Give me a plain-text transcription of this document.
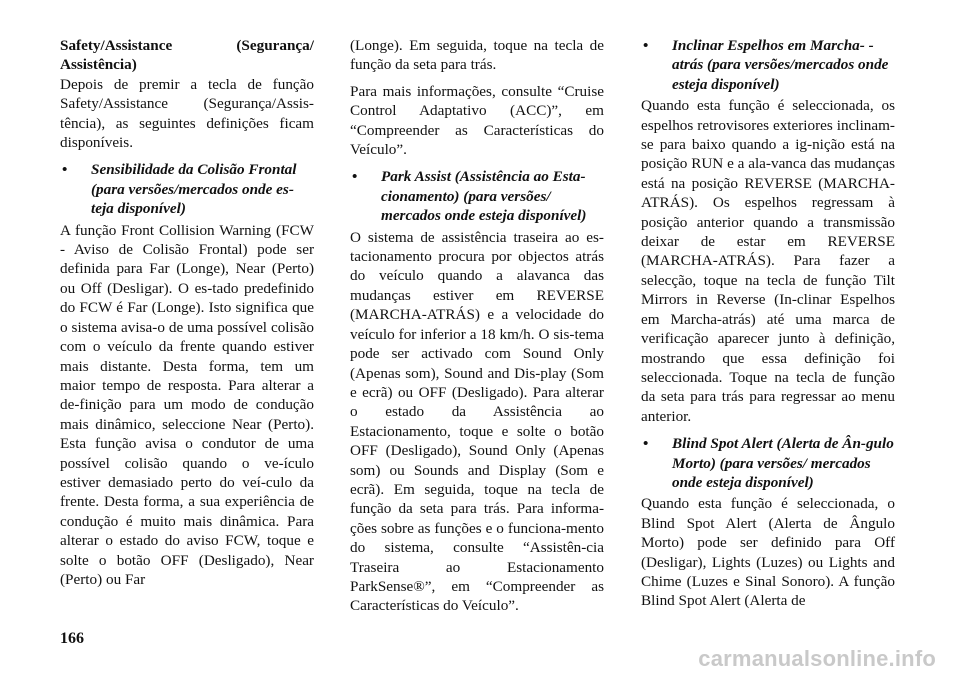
Safety/Assistance (Segurança/ Assistência)

Depois de premir a tecla de função Safety/Assistance (Segurança/Assis-tência), as seguintes definições ficam disponíveis.

• Sensibilidade da Colisão Frontal (para versões/mercados onde es-teja disponível)

A função Front Collision Warning (FCW - Aviso de Colisão Frontal) pode ser definida para Far (Longe), Near (Perto) ou Off (Desligar). O es-tado predefinido do FCW é Far (Longe). Isto significa que o sistema avisa-o de uma possível colisão com o veículo da frente quando estiver mais distante. Desta forma, tem um maior tempo de resposta. Para alterar a de-finição para um modo de condução mais dinâmico, seleccione Near (Perto). Esta função avisa o condutor de uma possível colisão quando o ve-ículo estiver demasiado perto do veí-culo da frente. Desta forma, a sua experiência de condução é muito mais dinâmica. Para alterar o estado do aviso FCW, toque e solte o botão OFF (Desligado), Near (Perto) ou Far

(Longe). Em seguida, toque na tecla de função da seta para trás.

Para mais informações, consulte “Cruise Control Adaptativo (ACC)”, em “Compreender as Características do Veículo”.

• Park Assist (Assistência ao Esta-cionamento) (para versões/ mercados onde esteja disponível)

O sistema de assistência traseira ao es-tacionamento procura por objectos atrás do veículo quando a alavanca das mudanças estiver em REVERSE (MARCHA-ATRÁS) e a velocidade do veículo for inferior a 18 km/h. O sis-tema pode ser activado com Sound Only (Apenas som), Sound and Dis-play (Som e ecrã) ou OFF (Desligado). Para alterar o estado da Assistência ao Estacionamento, toque e solte o botão OFF (Desligado), Sound Only (Apenas som) ou Sounds and Display (Som e ecrã). Em seguida, toque na tecla de função da seta para trás. Para informa-ções sobre as funções e o funciona-mento do sistema, consulte “Assistên-cia Traseira ao Estacionamento ParkSense®”, em “Compreender as Características do Veículo”.

• Inclinar Espelhos em Marcha- -atrás (para versões/mercados onde esteja disponível)

Quando esta função é seleccionada, os espelhos retrovisores exteriores inclinam-se para baixo quando a ig-nição está na posição RUN e a ala-vanca das mudanças está na posição REVERSE (MARCHA-ATRÁS). Os espelhos regressam à posição anterior quando a transmissão deixar de estar em REVERSE (MARCHA-ATRÁS). Para fazer a selecção, toque na tecla de função Tilt Mirrors in Reverse (In-clinar Espelhos em Marcha-atrás) até uma marca de verificação aparecer junto à definição, mostrando que essa definição foi seleccionada. Toque na tecla de função da seta para trás para regressar ao menu anterior.

• Blind Spot Alert (Alerta de Ân-gulo Morto) (para versões/ mercados onde esteja disponível)

Quando esta função é seleccionada, o Blind Spot Alert (Alerta de Ângulo Morto) pode ser definido para Off (Desligar), Lights (Luzes) ou Lights and Chime (Luzes e Sinal Sonoro). A função Blind Spot Alert (Alerta de

166
carmanualsonline.info
